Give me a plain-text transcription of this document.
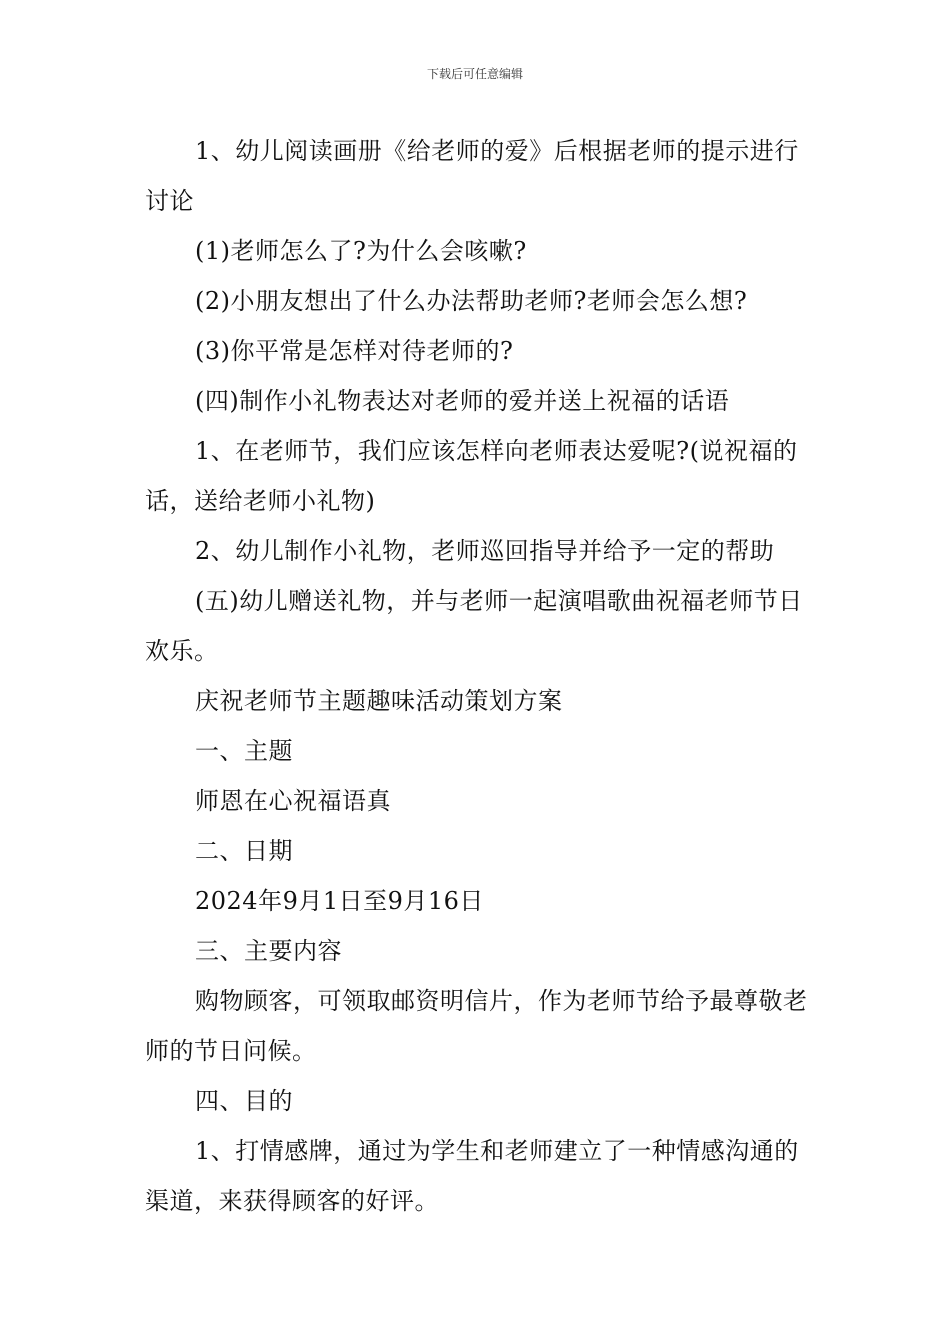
下载后可任意编辑

1、幼儿阅读画册《给老师的爱》后根据老师的提示进行讨论

(1)老师怎么了?为什么会咳嗽?

(2)小朋友想出了什么办法帮助老师?老师会怎么想?

(3)你平常是怎样对待老师的?

(四)制作小礼物表达对老师的爱并送上祝福的话语

1、在老师节，我们应该怎样向老师表达爱呢?(说祝福的话，送给老师小礼物)

2、幼儿制作小礼物，老师巡回指导并给予一定的帮助

(五)幼儿赠送礼物，并与老师一起演唱歌曲祝福老师节日欢乐。

庆祝老师节主题趣味活动策划方案

一、主题

师恩在心祝福语真

二、日期

2024年9月1日至9月16日

三、主要内容

购物顾客，可领取邮资明信片，作为老师节给予最尊敬老师的节日问候。

四、目的

1、打情感牌，通过为学生和老师建立了一种情感沟通的渠道，来获得顾客的好评。
